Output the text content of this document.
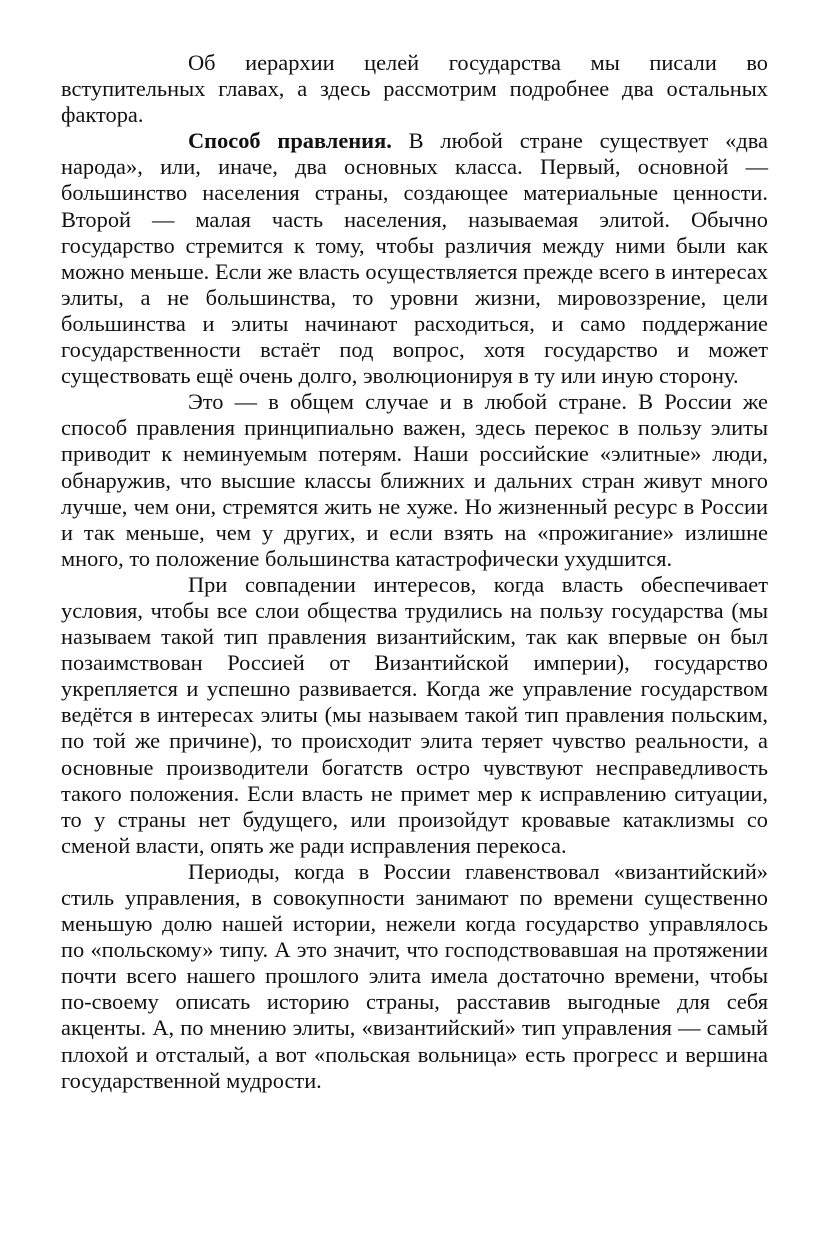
Об иерархии целей государства мы писали во вступительных главах, а здесь рассмотрим подробнее два остальных фактора.

Способ правления. В любой стране существует «два народа», или, иначе, два основных класса. Первый, основной — большинство населения страны, создающее материальные ценности. Второй — малая часть населения, называемая элитой. Обычно государство стремится к тому, чтобы различия между ними были как можно меньше. Если же власть осуществляется прежде всего в интересах элиты, а не большинства, то уровни жизни, мировоззрение, цели большинства и элиты начинают расходиться, и само поддержание государственности встаёт под вопрос, хотя государство и может существовать ещё очень долго, эволюционируя в ту или иную сторону.

Это — в общем случае и в любой стране. В России же способ правления принципиально важен, здесь перекос в пользу элиты приводит к неминуемым потерям. Наши российские «элитные» люди, обнаружив, что высшие классы ближних и дальних стран живут много лучше, чем они, стремятся жить не хуже. Но жизненный ресурс в России и так меньше, чем у других, и если взять на «прожигание» излишне много, то положение большинства катастрофически ухудшится.

При совпадении интересов, когда власть обеспечивает условия, чтобы все слои общества трудились на пользу государства (мы называем такой тип правления византийским, так как впервые он был позаимствован Россией от Византийской империи), государство укрепляется и успешно развивается. Когда же управление государством ведётся в интересах элиты (мы называем такой тип правления польским, по той же причине), то происходит элита теряет чувство реальности, а основные производители богатств остро чувствуют несправедливость такого положения. Если власть не примет мер к исправлению ситуации, то у страны нет будущего, или произойдут кровавые катаклизмы со сменой власти, опять же ради исправления перекоса.

Периоды, когда в России главенствовал «византийский» стиль управления, в совокупности занимают по времени существенно меньшую долю нашей истории, нежели когда государство управлялось по «польскому» типу. А это значит, что господствовавшая на протяжении почти всего нашего прошлого элита имела достаточно времени, чтобы по-своему описать историю страны, расставив выгодные для себя акценты. А, по мнению элиты, «византийский» тип управления — самый плохой и отсталый, а вот «польская вольница» есть прогресс и вершина государственной мудрости.
